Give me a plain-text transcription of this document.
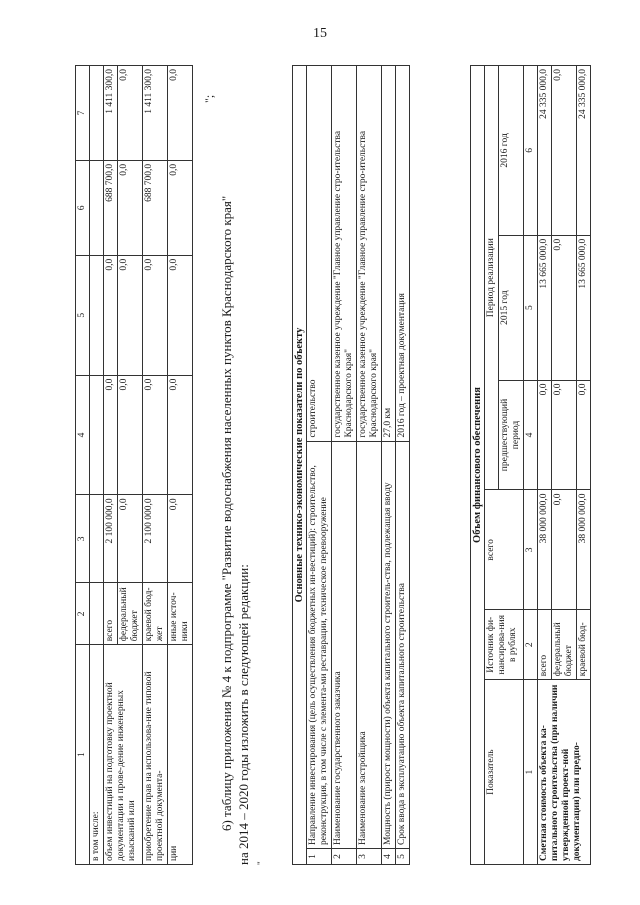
15
1	2	3	4	5	6	7
в том числе:						
объем инвестиций на подготовку проектной документации и прове-дение инженерных изысканий или	всего	2 100 000,0	0,0	0,0	688 700,0	1 411 300,0
	федеральный бюджет	0,0	0,0	0,0	0,0	0,0
приобретение прав на использова-ние типовой проектной документа-	краевой бюд-жет	2 100 000,0	0,0	0,0	688 700,0	1 411 300,0
ции	иные источ-ники	0,0	0,0	0,0	0,0	0,0
";

6) таблицу приложения № 4 к подпрограмме "Развитие водоснабжения населенных пунктов Краснодарского края" на 2014 – 2020 годы изложить в следующей редакции: "
Основные технико-экономические показатели по объекту		
1	Направление инвестирования (цель осуществления бюджетных ин-вестиций): строительство, реконструкция, в том числе с элемента-ми реставрации, техническое перевооружение	строительство
2	Наименование государственного заказчика	государственное казенное учреждение "Главное управление стро-ительства Краснодарского края"
3	Наименование застройщика	государственное казенное учреждение "Главное управление стро-ительства Краснодарского края"
4	Мощность (прирост мощности) объекта капитального строитель-ства, подлежащая вводу	27,0 км
5	Срок ввода в эксплуатацию объекта капитального строительства	2016 год – проектная документация
Объем финансового обеспечения					
Показатель	Источник фи-нансирова-ния в рублях	всего	Период реализации		
			предшествующий период	2015 год	2016 год
1	2	3	4	5	6
Сметная стоимость объекта ка-питального строительства (при наличии утвержденной проект-ной документации) или предпо-	всего	38 000 000,0	0,0	13 665 000,0	24 335 000,0
	федеральный бюджет	0,0	0,0	0,0	0,0
	краевой бюд-	38 000 000,0	0,0	13 665 000,0	24 335 000,0
